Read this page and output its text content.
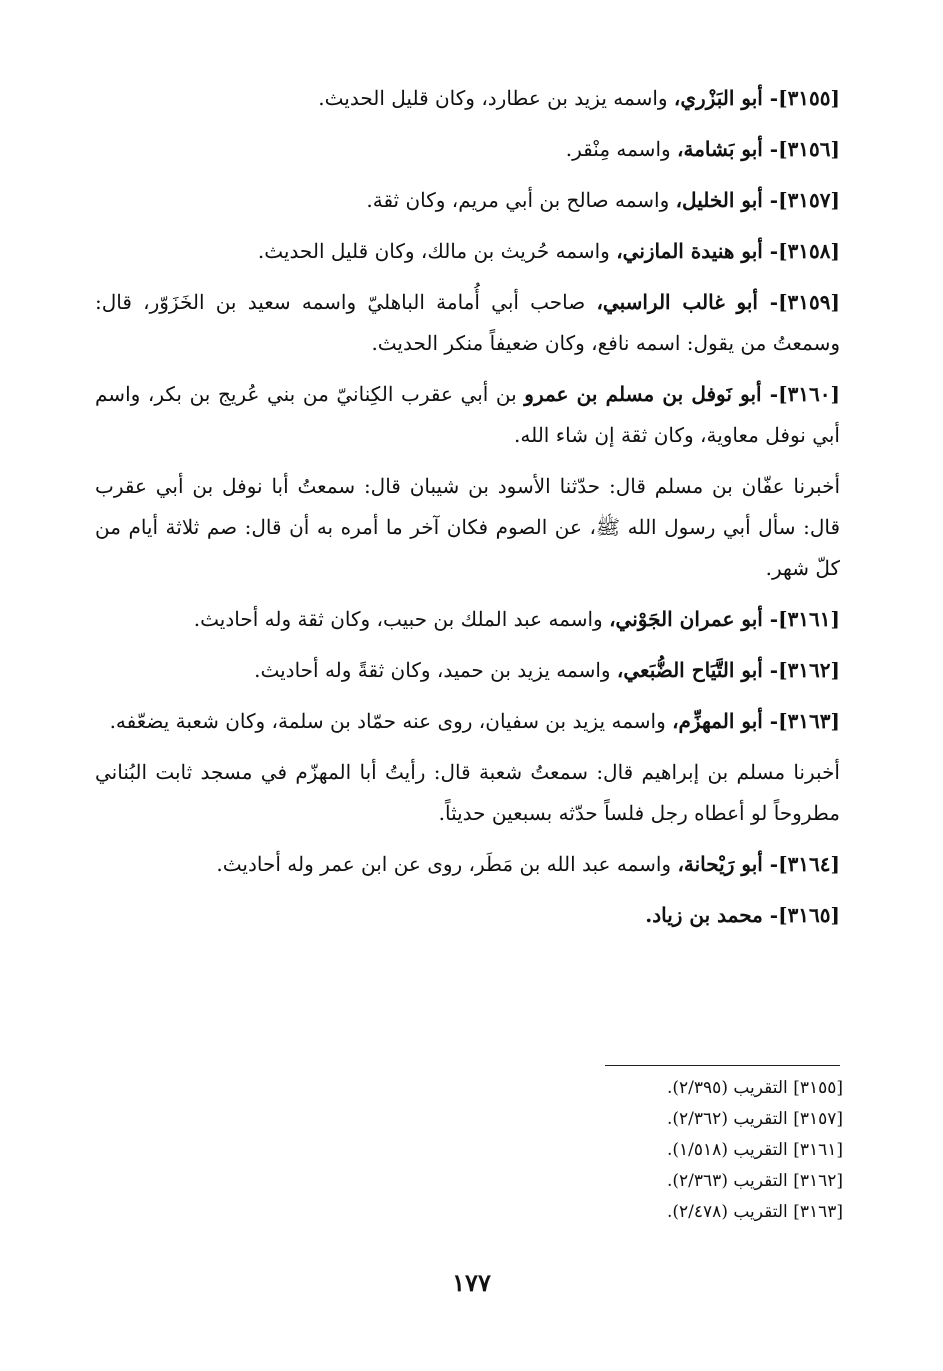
[٣١٥٥]- أبو البَزْري، واسمه يزيد بن عطارد، وكان قليل الحديث.

[٣١٥٦]- أبو بَشامة، واسمه مِنْقر.

[٣١٥٧]- أبو الخليل، واسمه صالح بن أبي مريم، وكان ثقة.

[٣١٥٨]- أبو هنيدة المازني، واسمه حُريث بن مالك، وكان قليل الحديث.

[٣١٥٩]- أبو غالب الراسبي، صاحب أبي أُمامة الباهليّ واسمه سعيد بن الخَزَوّر، قال: وسمعتُ من يقول: اسمه نافع، وكان ضعيفاً منكر الحديث.

[٣١٦٠]- أبو نَوفل بن مسلم بن عمرو بن أبي عقرب الكِنانيّ من بني عُريج بن بكر، واسم أبي نوفل معاوية، وكان ثقة إن شاء الله.

أخبرنا عفّان بن مسلم قال: حدّثنا الأسود بن شيبان قال: سمعتُ أبا نوفل بن أبي عقرب قال: سأل أبي رسول الله ﷺ، عن الصوم فكان آخر ما أمره به أن قال: صم ثلاثة أيام من كلّ شهر.

[٣١٦١]- أبو عمران الجَوْني، واسمه عبد الملك بن حبيب، وكان ثقة وله أحاديث.

[٣١٦٢]- أبو التَّيَاح الضُّبَعي، واسمه يزيد بن حميد، وكان ثقةً وله أحاديث.

[٣١٦٣]- أبو المهزِّم، واسمه يزيد بن سفيان، روى عنه حمّاد بن سلمة، وكان شعبة يضعّفه.

أخبرنا مسلم بن إبراهيم قال: سمعتُ شعبة قال: رأيتُ أبا المهزّم في مسجد ثابت البُناني مطروحاً لو أعطاه رجل فلساً حدّثه بسبعين حديثاً.

[٣١٦٤]- أبو رَيْحانة، واسمه عبد الله بن مَطَر، روى عن ابن عمر وله أحاديث.

[٣١٦٥]- محمد بن زياد.

[٣١٥٥] التقريب (٢/٣٩٥).
[٣١٥٧] التقريب (٢/٣٦٢).
[٣١٦١] التقريب (١/٥١٨).
[٣١٦٢] التقريب (٢/٣٦٣).
[٣١٦٣] التقريب (٢/٤٧٨).
١٧٧
